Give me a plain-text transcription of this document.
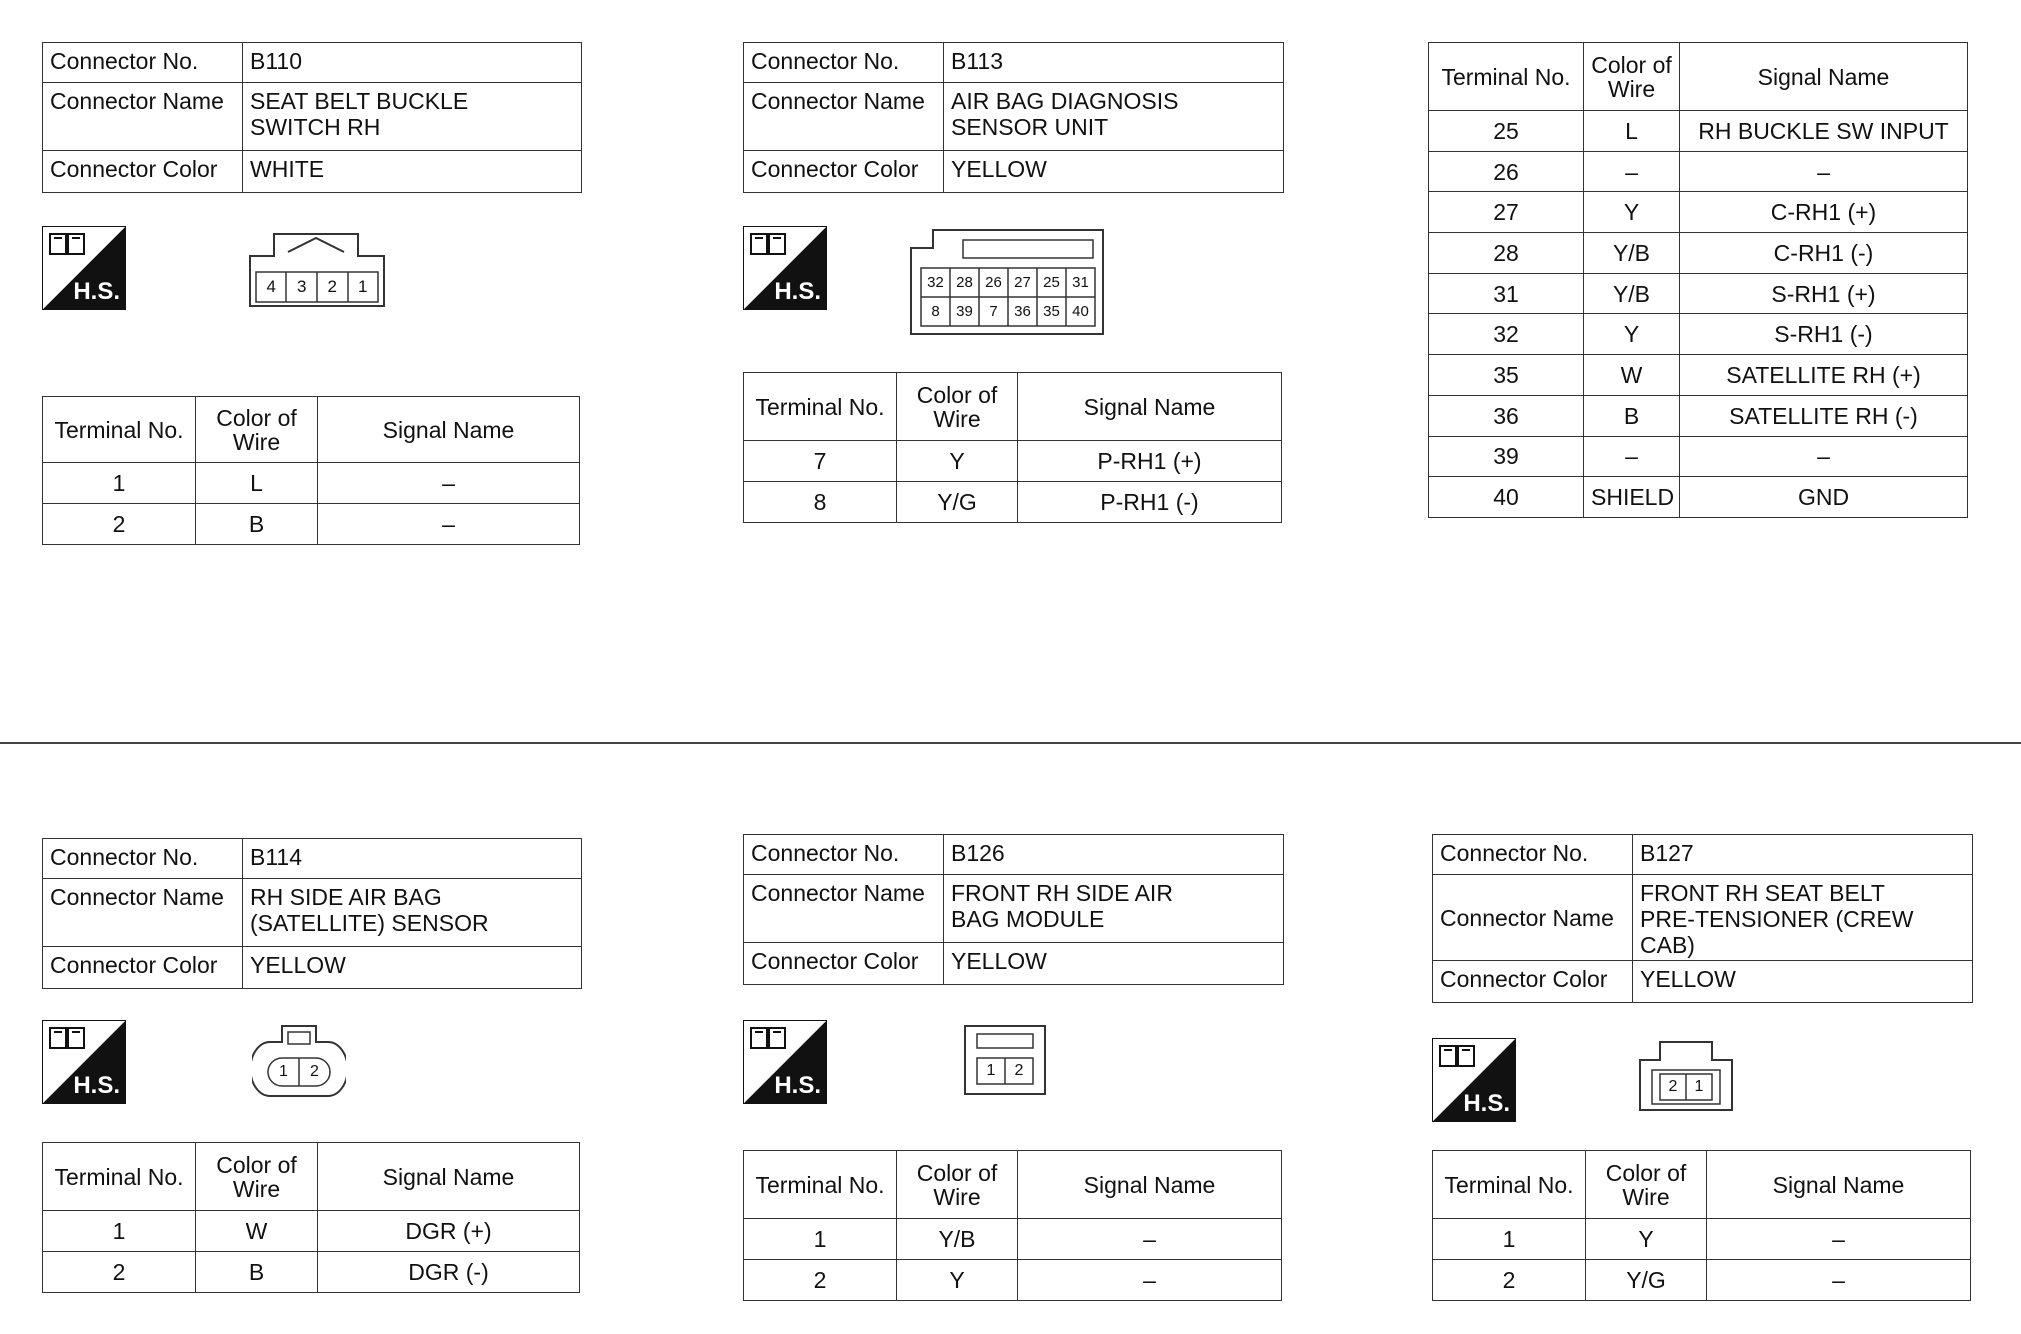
Connector No.	B110
Connector Name	SEAT BELT BUCKLE SWITCH RH
Connector Color	WHITE
H.S.	4	3	2	1
Terminal No.	Color of Wire	Signal Name
1	L	–
2	B	–
Connector No.	B113
Connector Name	AIR BAG DIAGNOSIS SENSOR UNIT
Connector Color	YELLOW
H.S.	32 28 26 27 25 31
8	39	7	36 35 40
Terminal No.	Color of Wire	Signal Name
7	Y	P-RH1 (+)
8	Y/G	P-RH1 (-)
Terminal No.	Color of Wire	Signal Name
25	L	RH BUCKLE SW INPUT
26	–	–
27	Y	C-RH1 (+)
28	Y/B	C-RH1 (-)
31	Y/B	S-RH1 (+)
32	Y	S-RH1 (-)
35	W	SATELLITE RH (+)
36	B	SATELLITE RH (-)
39	–	–
40	SHIELD	GND
Connector No.	B114
Connector Name	RH SIDE AIR BAG (SATELLITE) SENSOR
Connector Color	YELLOW
H.S.
1	2
Terminal No.	Color of Wire	Signal Name
1	W	DGR (+)
2	B	DGR (-)
Connector No.	B126
Connector Name	FRONT RH SIDE AIR BAG MODULE
Connector Color	YELLOW
H.S.
1	2
Terminal No.	Color of Wire	Signal Name
1	Y/B	–
2	Y	–
Connector No.	B127
Connector Name	FRONT RH SEAT BELT PRE-TENSIONER (CREW CAB)
Connector Color	YELLOW
H.S.
2	1
Terminal No.	Color of Wire	Signal Name
1	Y	–
2	Y/G	–
